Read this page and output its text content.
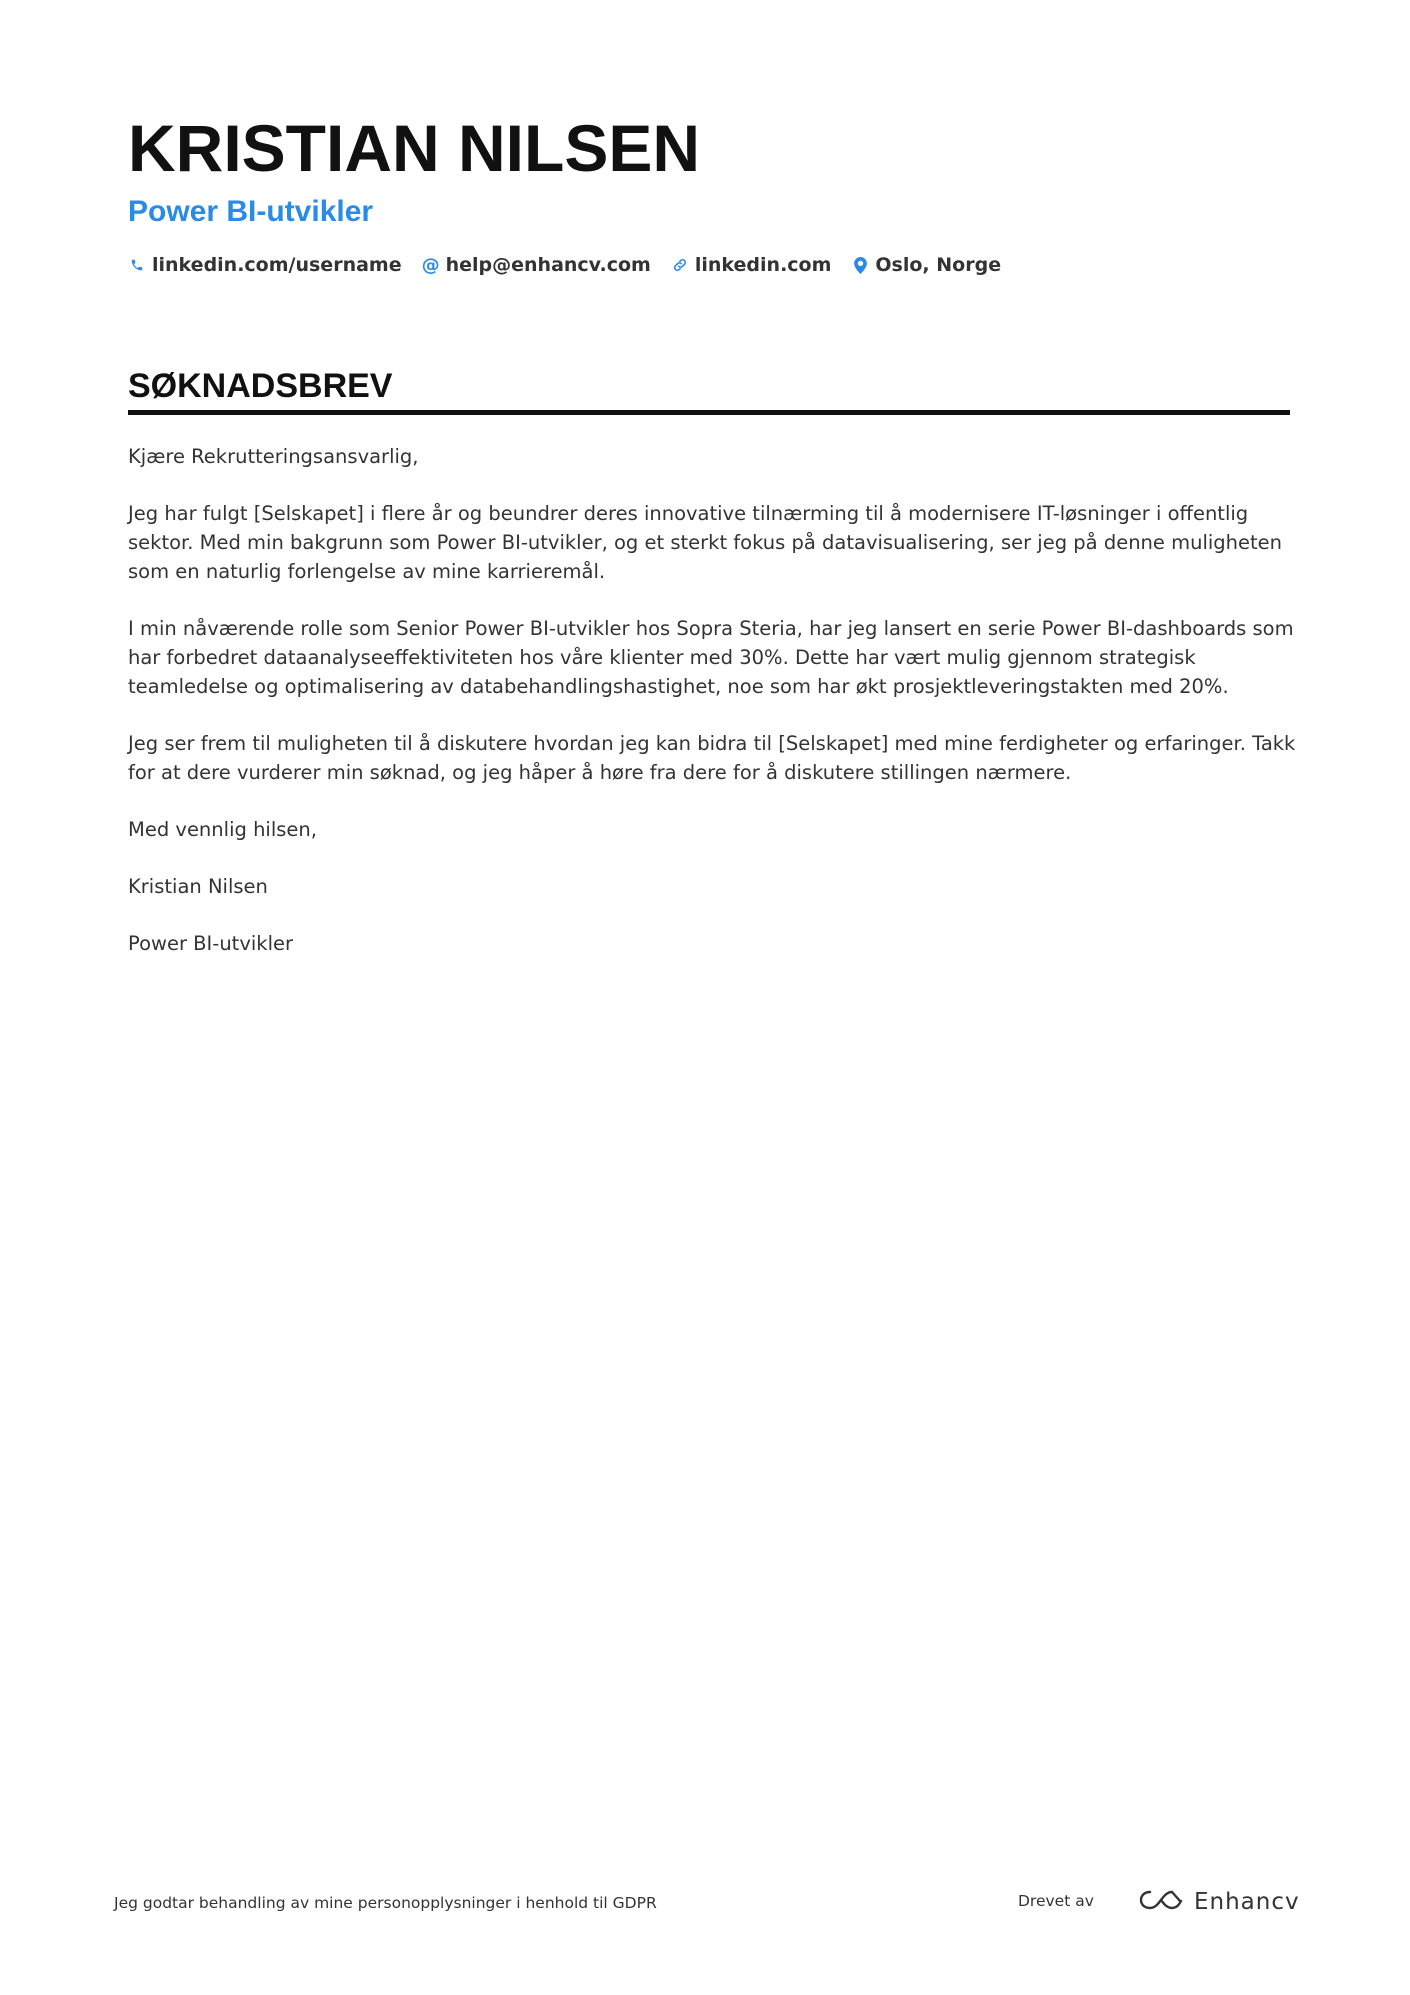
KRISTIAN NILSEN
Power BI-utvikler
linkedin.com/username @ help@enhancv.com linkedin.com Oslo, Norge
SØKNADSBREV

Kjære Rekrutteringsansvarlig,

Jeg har fulgt [Selskapet] i flere år og beundrer deres innovative tilnærming til å modernisere IT-løsninger i offentlig sektor. Med min bakgrunn som Power BI-utvikler, og et sterkt fokus på datavisualisering, ser jeg på denne muligheten som en naturlig forlengelse av mine karrieremål.

I min nåværende rolle som Senior Power BI-utvikler hos Sopra Steria, har jeg lansert en serie Power BI-dashboards som har forbedret dataanalyseeffektiviteten hos våre klienter med 30%. Dette har vært mulig gjennom strategisk teamledelse og optimalisering av databehandlingshastighet, noe som har økt prosjektleveringstakten med 20%.

Jeg ser frem til muligheten til å diskutere hvordan jeg kan bidra til [Selskapet] med mine ferdigheter og erfaringer. Takk for at dere vurderer min søknad, og jeg håper å høre fra dere for å diskutere stillingen nærmere.

Med vennlig hilsen,

Kristian Nilsen

Power BI-utvikler

Jeg godtar behandling av mine personopplysninger i henhold til GDPR	Drevet av	Enhancv
